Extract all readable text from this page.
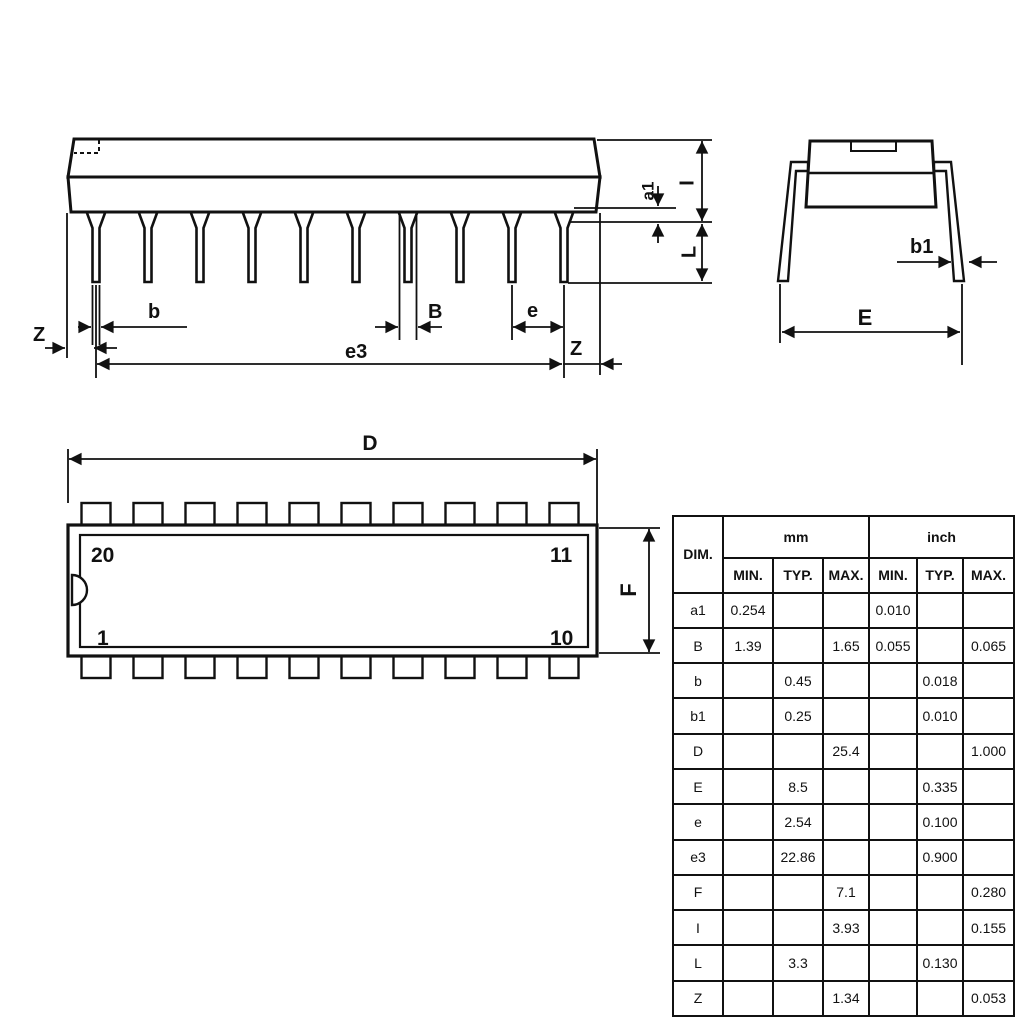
Z
b
e3
B	e
Z
a1 I
L	b1
E
D
F
20
1
11
10
DIM.	mm			inch		
	MIN.	TYP.	MAX.	MIN.	TYP.	MAX.
a1	0.254			0.010		
B	1.39		1.65	0.055		0.065
b		0.45			0.018	
b1		0.25			0.010	
D			25.4			1.000
E		8.5			0.335	
e		2.54			0.100	
e3		22.86			0.900	
F			7.1			0.280
I			3.93			0.155
L		3.3			0.130	
Z			1.34			0.053
